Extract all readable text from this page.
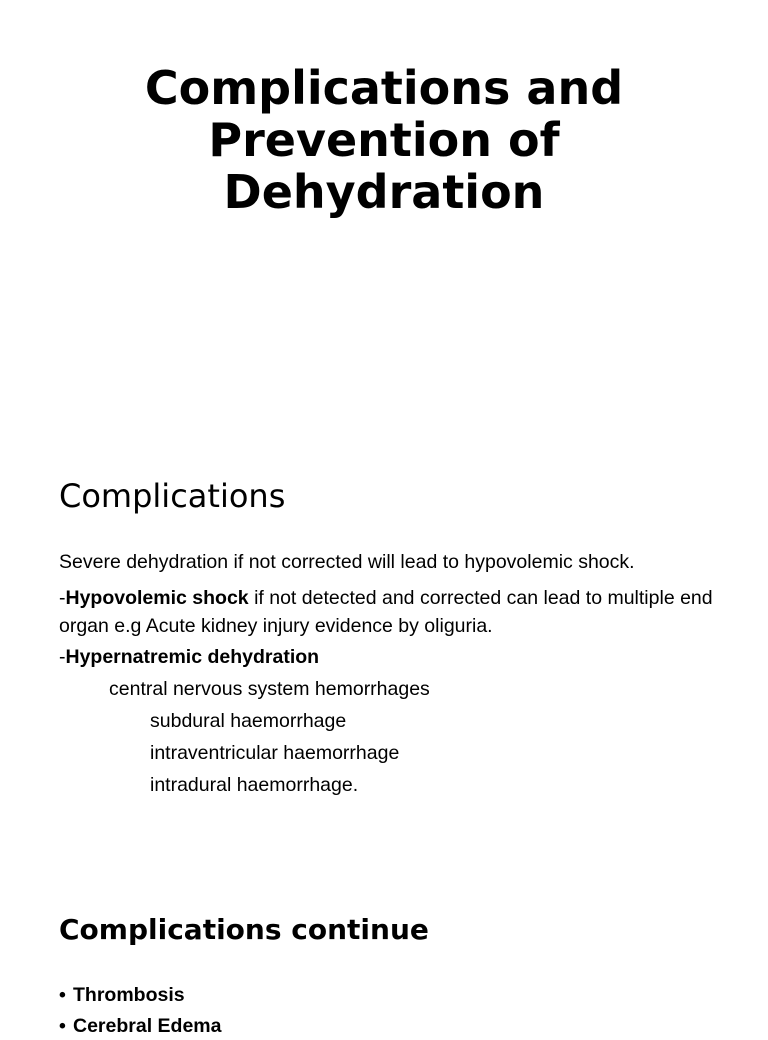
Complications and
Prevention of
Dehydration
Complications

Severe dehydration if not corrected will lead to hypovolemic shock.

-Hypovolemic shock if not detected and corrected can lead to multiple end organ e.g Acute kidney injury evidence by oliguria.

-Hypernatremic dehydration

central nervous system hemorrhages

subdural haemorrhage

intraventricular haemorrhage

intradural haemorrhage.

Complications continue

• Thrombosis

• Cerebral Edema
